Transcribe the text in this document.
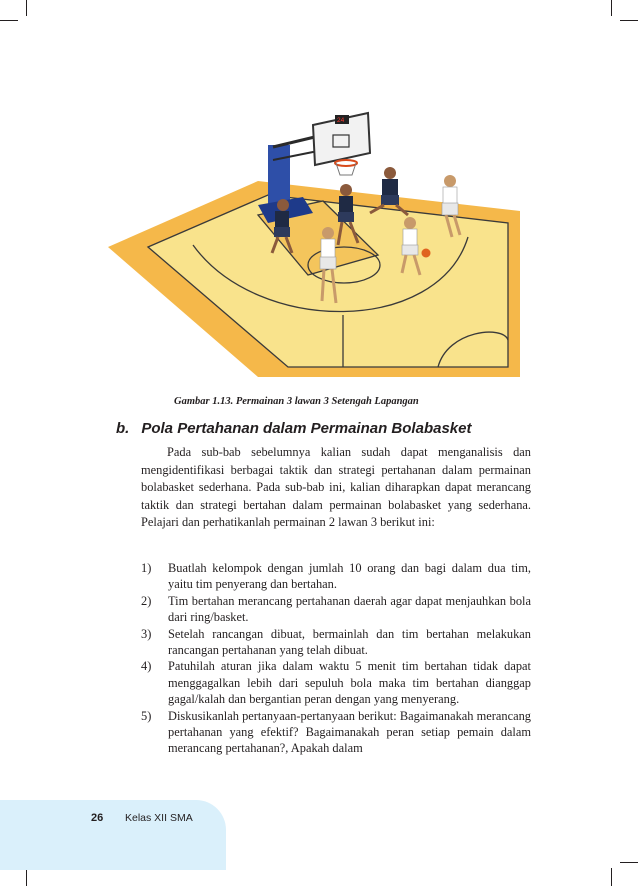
24
Gambar 1.13. Permainan 3 lawan 3 Setengah Lapangan
b. Pola Pertahanan dalam Permainan Bolabasket

Pada sub-bab sebelumnya kalian sudah dapat menganalisis dan mengidentifikasi berbagai taktik dan strategi pertahanan dalam permainan bolabasket sederhana. Pada sub-bab ini, kalian diharapkan dapat merancang taktik dan strategi bertahan dalam permainan bolabasket yang sederhana. Pelajari dan perhatikanlah permainan 2 lawan 3 berikut ini:

1) Buatlah kelompok dengan jumlah 10 orang dan bagi dalam dua tim, yaitu tim penyerang dan bertahan.
2) Tim bertahan merancang pertahanan daerah agar dapat menjauhkan bola dari ring/basket.
3) Setelah rancangan dibuat, bermainlah dan tim bertahan melakukan rancangan pertahanan yang telah dibuat.
4) Patuhilah aturan jika dalam waktu 5 menit tim bertahan tidak dapat menggagalkan lebih dari sepuluh bola maka tim bertahan dianggap gagal/kalah dan bergantian peran dengan yang menyerang.
5) Diskusikanlah pertanyaan-pertanyaan berikut: Bagaimanakah merancang pertahanan yang efektif? Bagaimanakah peran setiap pemain dalam merancang pertahanan?, Apakah dalam
26 Kelas XII SMA
